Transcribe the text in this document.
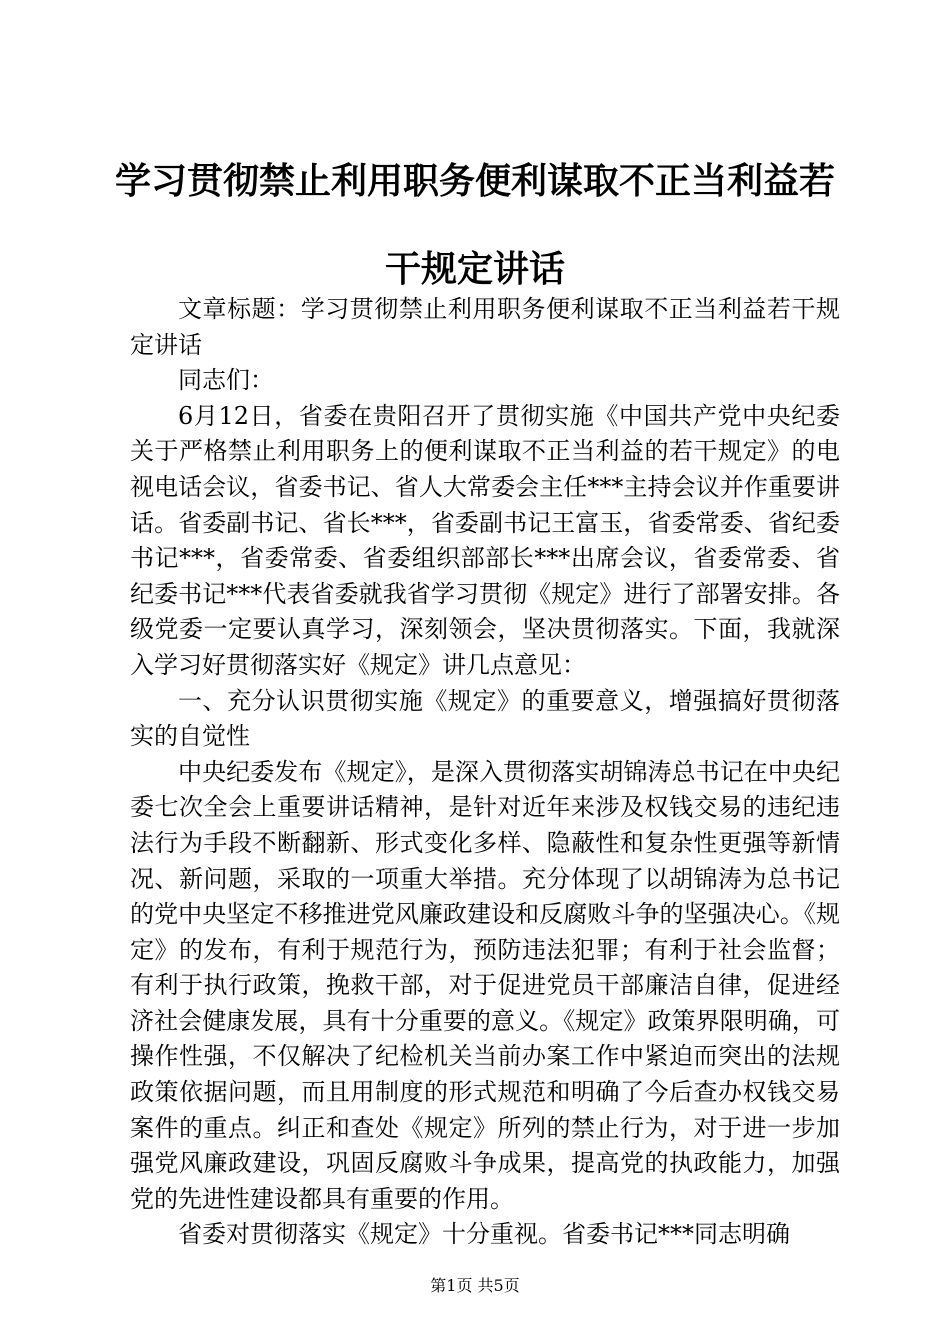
学习贯彻禁止利用职务便利谋取不正当利益若
干规定讲话

文章标题：学习贯彻禁止利用职务便利谋取不正当利益若干规定讲话

同志们：

6月12日，省委在贵阳召开了贯彻实施《中国共产党中央纪委关于严格禁止利用职务上的便利谋取不正当利益的若干规定》的电视电话会议，省委书记、省人大常委会主任***主持会议并作重要讲话。省委副书记、省长***，省委副书记王富玉，省委常委、省纪委书记***，省委常委、省委组织部部长***出席会议，省委常委、省纪委书记***代表省委就我省学习贯彻《规定》进行了部署安排。各级党委一定要认真学习，深刻领会，坚决贯彻落实。下面，我就深入学习好贯彻落实好《规定》讲几点意见：

一、充分认识贯彻实施《规定》的重要意义，增强搞好贯彻落实的自觉性

中央纪委发布《规定》，是深入贯彻落实胡锦涛总书记在中央纪委七次全会上重要讲话精神，是针对近年来涉及权钱交易的违纪违法行为手段不断翻新、形式变化多样、隐蔽性和复杂性更强等新情况、新问题，采取的一项重大举措。充分体现了以胡锦涛为总书记的党中央坚定不移推进党风廉政建设和反腐败斗争的坚强决心。《规定》的发布，有利于规范行为，预防违法犯罪；有利于社会监督；有利于执行政策，挽救干部，对于促进党员干部廉洁自律，促进经济社会健康发展，具有十分重要的意义。《规定》政策界限明确，可操作性强，不仅解决了纪检机关当前办案工作中紧迫而突出的法规政策依据问题，而且用制度的形式规范和明确了今后查办权钱交易案件的重点。纠正和查处《规定》所列的禁止行为，对于进一步加强党风廉政建设，巩固反腐败斗争成果，提高党的执政能力，加强党的先进性建设都具有重要的作用。

省委对贯彻落实《规定》十分重视。省委书记***同志明确

第1页 共5页
